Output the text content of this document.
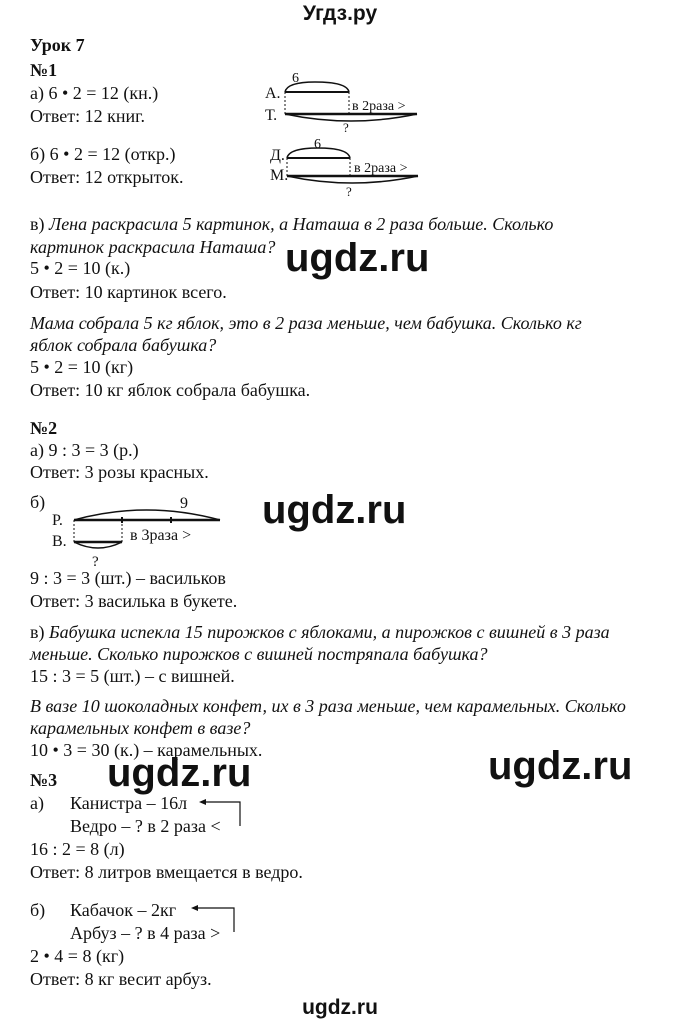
Угдз.ру
Урок 7
№1
а) 6 • 2 = 12 (кн.)
Ответ: 12 книг.
6
А.
Т.
в 2раза >
?
б) 6 • 2 = 12 (откр.)
Ответ: 12 открыток.
6
Д.
М.	в 2раза >
?
в) Лена раскрасила 5 картинок, а Наташа в 2 раза больше. Сколько
картинок раскрасила Наташа?
5 • 2 = 10 (к.)
Ответ: 10 картинок всего.
Мама собрала 5 кг яблок, это в 2 раза меньше, чем бабушка. Сколько кг
яблок собрала бабушка?
5 • 2 = 10 (кг)
Ответ: 10 кг яблок собрала бабушка.
№2
а) 9 : 3 = 3 (р.)
Ответ: 3 розы красных.
б)	9
Р.
В.	в 3раза >
?
9 : 3 = 3 (шт.) – васильков
Ответ: 3 василька в букете.
в) Бабушка испекла 15 пирожков с яблоками, а пирожков с вишней в 3 раза
меньше. Сколько пирожков с вишней постряпала бабушка?
15 : 3 = 5 (шт.) – с вишней.
В вазе 10 шоколадных конфет, их в 3 раза меньше, чем карамельных. Сколько
карамельных конфет в вазе?
10 • 3 = 30 (к.) – карамельных.
№3
а) Канистра – 16л
Ведро – ? в 2 раза <
16 : 2 = 8 (л)
Ответ: 8 литров вмещается в ведро.
б) Кабачок – 2кг
Арбуз – ? в 4 раза >
2 • 4 = 8 (кг)
Ответ: 8 кг весит арбуз.
ugdz.ru
ugdz.ru
ugdz.ru	ugdz.ru
ugdz.ru
